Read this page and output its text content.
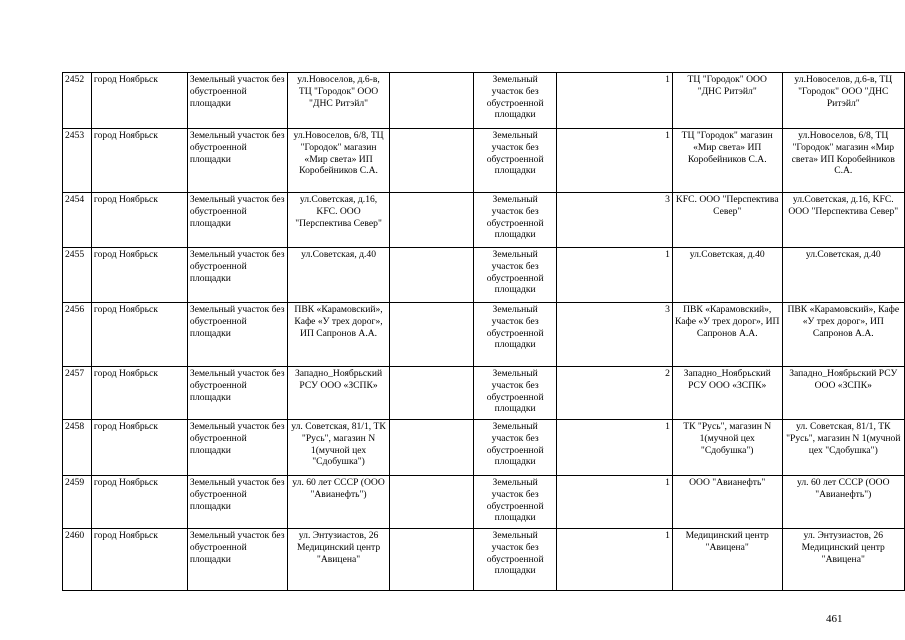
2452	город Ноябрьск	Земельный участок без обустроенной площадки	ул.Новоселов, д.6-в, ТЦ "Городок" ООО "ДНС Ритэйл"		Земельный участок без обустроенной площадки	1	ТЦ "Городок" ООО "ДНС Ритэйл"	ул.Новоселов, д.6-в, ТЦ "Городок" ООО "ДНС Ритэйл"
2453	город Ноябрьск	Земельный участок без обустроенной площадки	ул.Новоселов, 6/8, ТЦ "Городок" магазин «Мир света» ИП Коробейников С.А.		Земельный участок без обустроенной площадки	1	ТЦ "Городок" магазин «Мир света» ИП Коробейников С.А.	ул.Новоселов, 6/8, ТЦ "Городок" магазин «Мир света» ИП Коробейников С.А.
2454	город Ноябрьск	Земельный участок без обустроенной площадки	ул.Советская, д.16, KFC. ООО "Перспектива Север"		Земельный участок без обустроенной площадки	3	KFC. ООО "Перспектива Север"	ул.Советская, д.16, KFC. ООО "Перспектива Север"
2455	город Ноябрьск	Земельный участок без обустроенной площадки	ул.Советская, д.40		Земельный участок без обустроенной площадки	1	ул.Советская, д.40	ул.Советская, д.40
2456	город Ноябрьск	Земельный участок без обустроенной площадки	ПВК «Карамовский», Кафе «У трех дорог», ИП Сапронов А.А.		Земельный участок без обустроенной площадки	3	ПВК «Карамовский», Кафе «У трех дорог», ИП Сапронов А.А.	ПВК «Карамовский», Кафе «У трех дорог», ИП Сапронов А.А.
2457	город Ноябрьск	Земельный участок без обустроенной площадки	Западно_Ноябрьский РСУ ООО «ЗСПК»		Земельный участок без обустроенной площадки	2	Западно_Ноябрьский РСУ ООО «ЗСПК»	Западно_Ноябрьский РСУ ООО «ЗСПК»
2458	город Ноябрьск	Земельный участок без обустроенной площадки	ул. Советская, 81/1, ТК "Русь", магазин N 1(мучной цех "Сдобушка")		Земельный участок без обустроенной площадки	1	ТК "Русь", магазин N 1(мучной цех "Сдобушка")	ул. Советская, 81/1, ТК "Русь", магазин N 1(мучной цех "Сдобушка")
2459	город Ноябрьск	Земельный участок без обустроенной площадки	ул. 60 лет СССР (ООО "Авианефть")		Земельный участок без обустроенной площадки	1	ООО "Авианефть"	ул. 60 лет СССР (ООО "Авианефть")
2460	город Ноябрьск	Земельный участок без обустроенной площадки	ул. Энтузиастов, 26 Медицинский центр "Авицена"		Земельный участок без обустроенной площадки	1	Медицинский центр "Авицена"	ул. Энтузиастов, 26 Медицинский центр "Авицена"
461
